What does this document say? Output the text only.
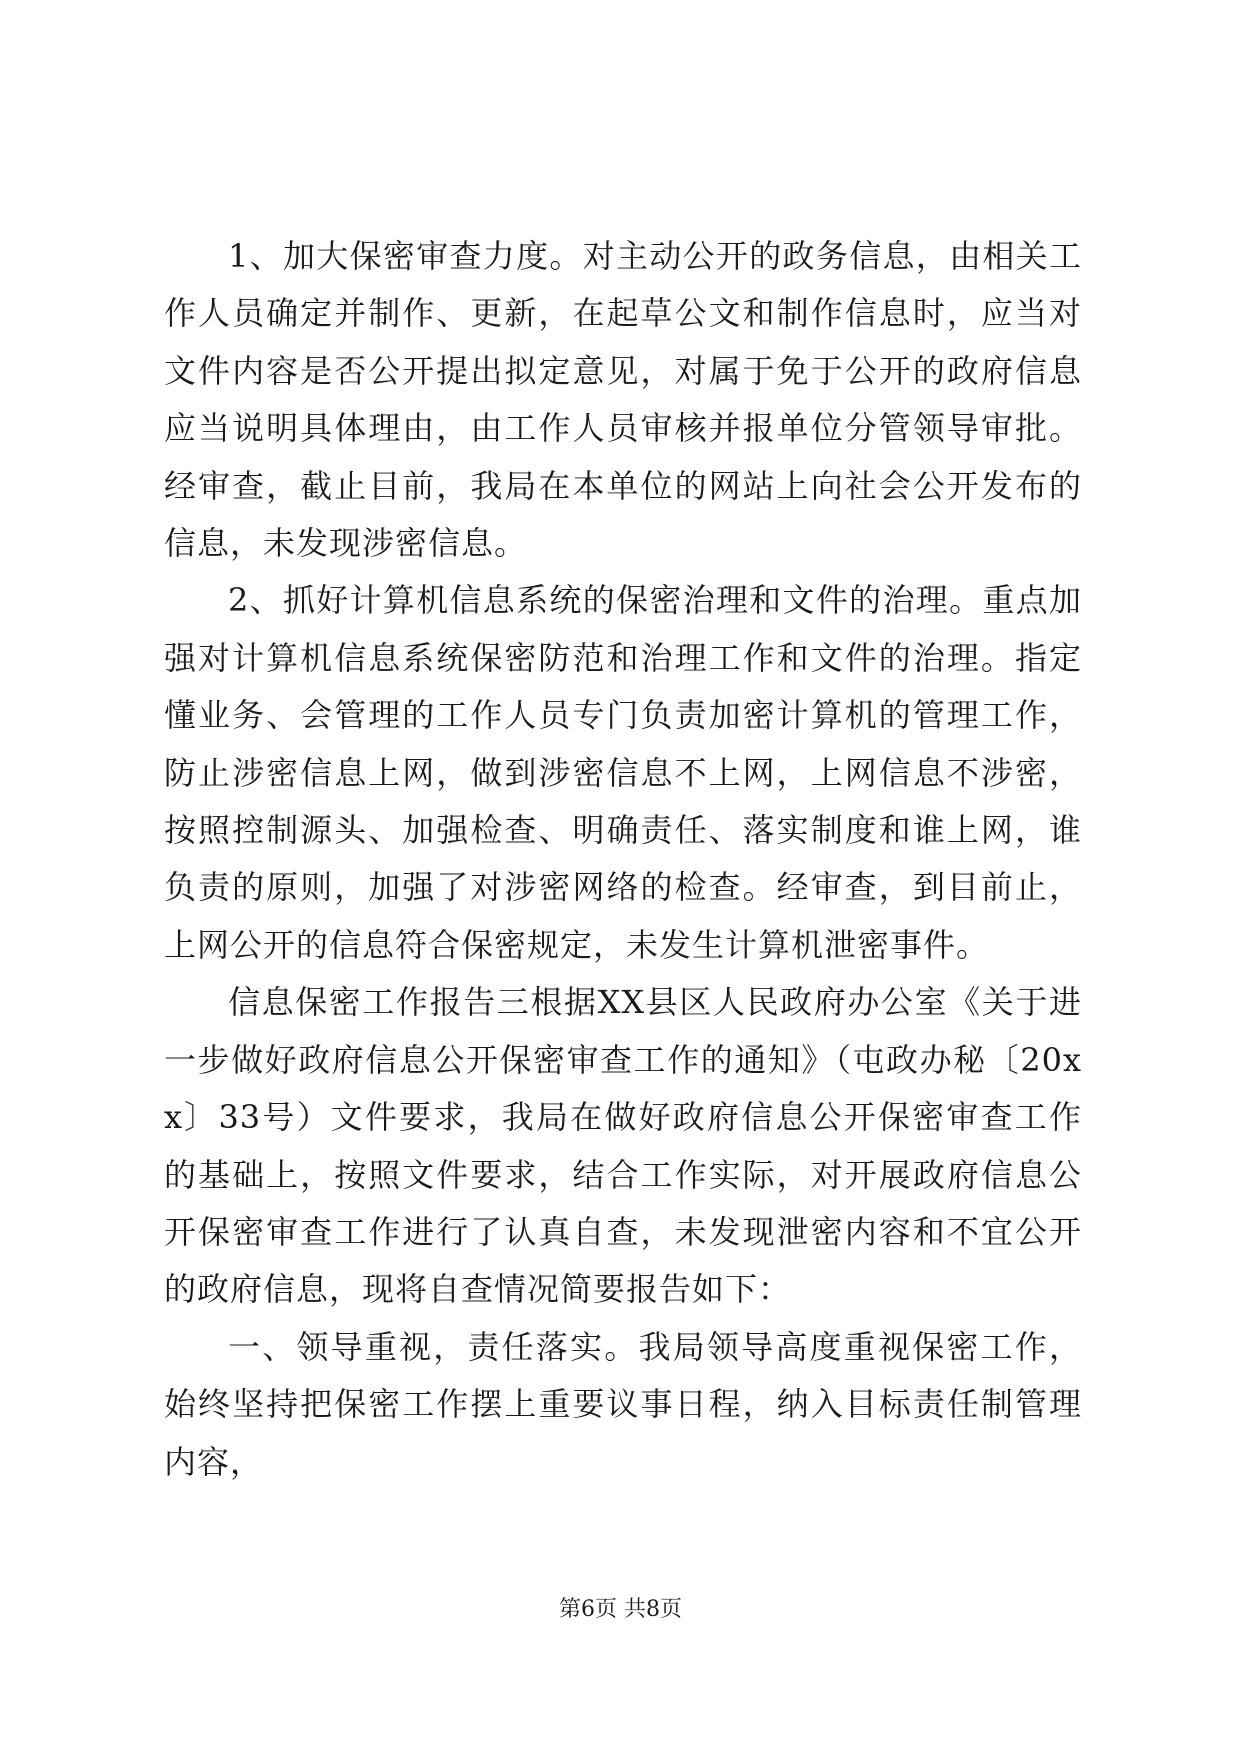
1、加大保密审查力度。对主动公开的政务信息，由相关工作人员确定并制作、更新，在起草公文和制作信息时，应当对文件内容是否公开提出拟定意见，对属于免于公开的政府信息应当说明具体理由，由工作人员审核并报单位分管领导审批。经审查，截止目前，我局在本单位的网站上向社会公开发布的信息，未发现涉密信息。

2、抓好计算机信息系统的保密治理和文件的治理。重点加强对计算机信息系统保密防范和治理工作和文件的治理。指定懂业务、会管理的工作人员专门负责加密计算机的管理工作，防止涉密信息上网，做到涉密信息不上网，上网信息不涉密，按照控制源头、加强检查、明确责任、落实制度和谁上网，谁负责的原则，加强了对涉密网络的检查。经审查，到目前止，上网公开的信息符合保密规定，未发生计算机泄密事件。

信息保密工作报告三根据XX县区人民政府办公室《关于进一步做好政府信息公开保密审查工作的通知》（屯政办秘〔20xx〕33号）文件要求，我局在做好政府信息公开保密审查工作的基础上，按照文件要求，结合工作实际，对开展政府信息公开保密审查工作进行了认真自查，未发现泄密内容和不宜公开的政府信息，现将自查情况简要报告如下：

一、领导重视，责任落实。我局领导高度重视保密工作，始终坚持把保密工作摆上重要议事日程，纳入目标责任制管理内容，

第6页 共8页
